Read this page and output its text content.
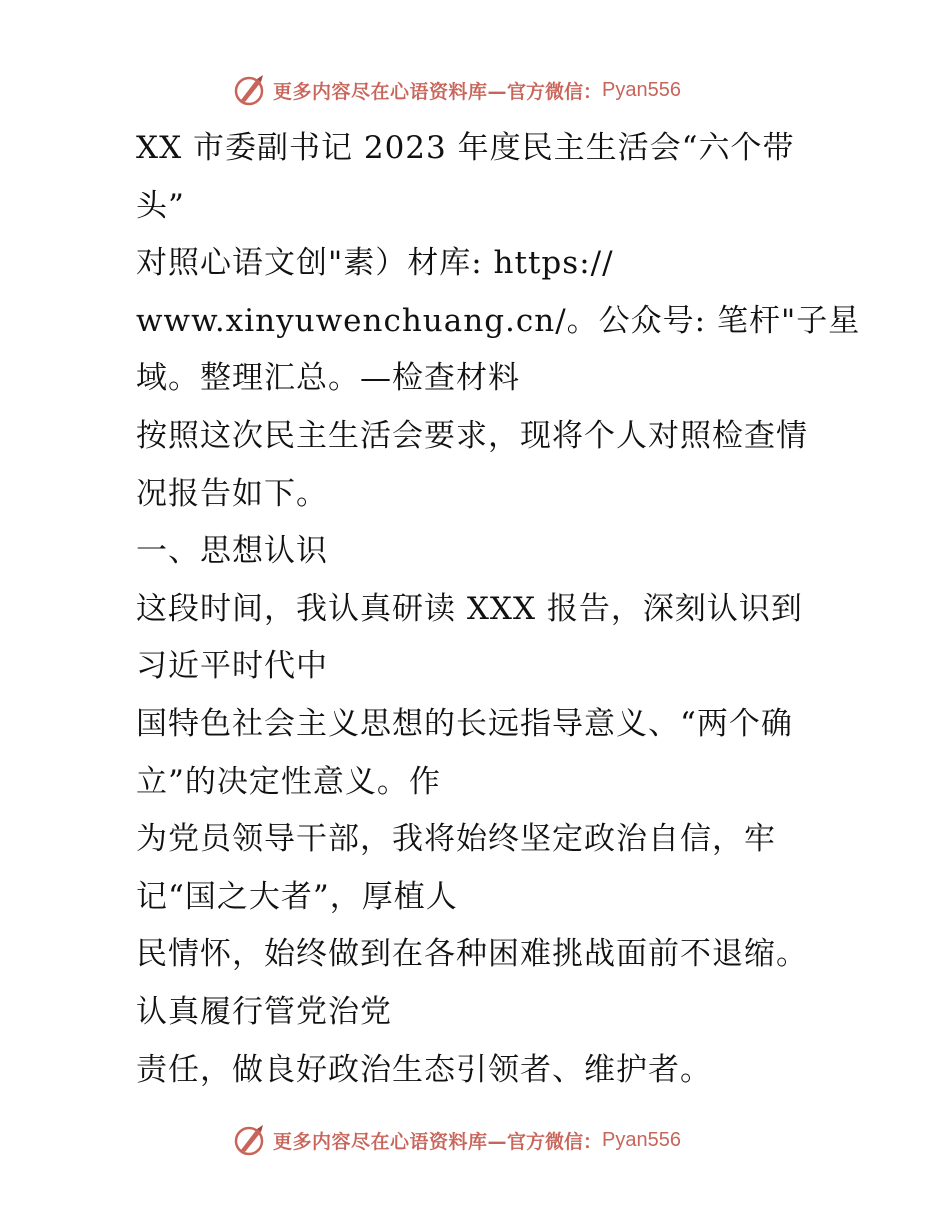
更多内容尽在心语资料库— 官方微信： Pyan556

XX 市委副书记 2023 年度民主生活会“六个带
头”

对照心语文创"素）材库: https://
www.xinyuwenchuang.cn/。公众号: 笔杆"子星
域。整理汇总。—检查材料

按照这次民主生活会要求，现将个人对照检查情
况报告如下。

一、思想认识

这段时间，我认真研读 XXX 报告，深刻认识到
习近平时代中

国特色社会主义思想的长远指导意义、“两个确
立”的决定性意义。作

为党员领导干部，我将始终坚定政治自信，牢
记“国之大者”，厚植人

民情怀，始终做到在各种困难挑战面前不退缩。
认真履行管党治党

责任，做良好政治生态引领者、维护者。

更多内容尽在心语资料库— 官方微信： Pyan556
